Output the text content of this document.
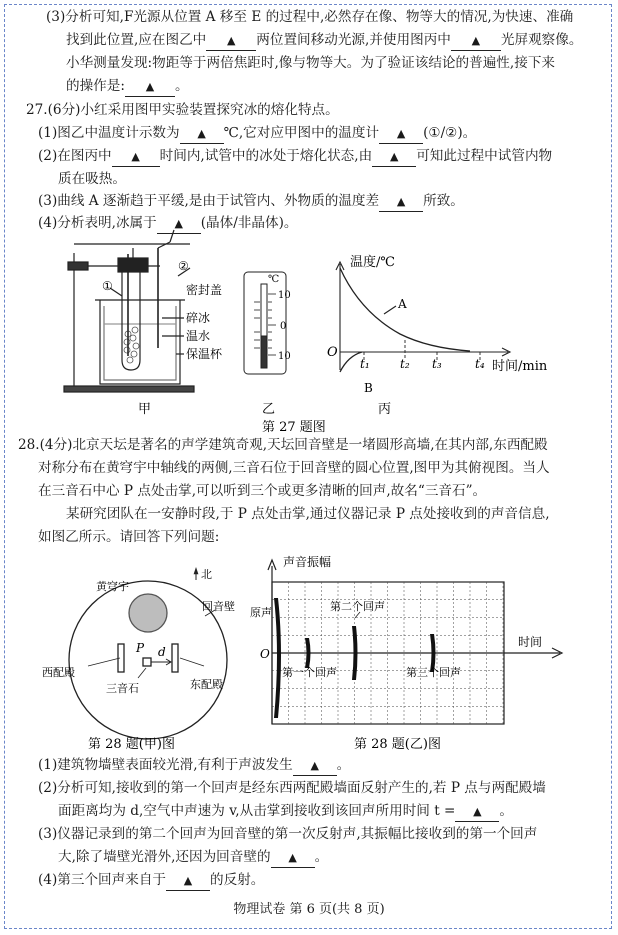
(3)分析可知,F光源从位置 A 移至 E 的过程中,必然存在像、物等大的情况,为快速、准确
找到此位置,应在图乙中 ▲ 两位置间移动光源,并使用图丙中 ▲ 光屏观察像。
小华测量发现:物距等于两倍焦距时,像与物等大。为了验证该结论的普遍性,接下来
的操作是: ▲ 。
27.(6分)小红采用图甲实验装置探究冰的熔化特点。
(1)图乙中温度计示数为 ▲ ℃,它对应甲图中的温度计 ▲ (①/②)。
(2)在图丙中 ▲ 时间内,试管中的冰处于熔化状态,由 ▲ 可知此过程中试管内物
质在吸热。
(3)曲线 A 逐渐趋于平缓,是由于试管内、外物质的温度差 ▲ 所致。
(4)分析表明,冰属于 ▲ (晶体/非晶体)。
①
②
密封盖
碎冰
温水
保温杯
甲
℃
10
0
10
乙
温度/℃
时间/min
O
A
B
t₁	t₂ t₃	t₄
丙
第 27 题图
28.(4分)北京天坛是著名的声学建筑奇观,天坛回音壁是一堵圆形高墙,在其内部,东西配殿
对称分布在黄穹宇中轴线的两侧,三音石位于回音壁的圆心位置,图甲为其俯视图。当人
在三音石中心 P 点处击掌,可以听到三个或更多清晰的回声,故名“三音石”。
某研究团队在一安静时段,于 P 点处击掌,通过仪器记录 P 点处接收到的声音信息,
如图乙所示。请回答下列问题:
北
黄穹宇
回音壁
西配殿
东配殿
三音石
P d
第 28 题(甲)图
声音振幅
时间
O
原声
第一个回声
第二个回声
第三个回声
第 28 题(乙)图
(1)建筑物墙壁表面较光滑,有利于声波发生 ▲ 。
(2)分析可知,接收到的第一个回声是经东西两配殿墙面反射产生的,若 P 点与两配殿墙
面距离均为 d,空气中声速为 v,从击掌到接收到该回声所用时间 t = ▲ 。
(3)仪器记录到的第二个回声为回音壁的第一次反射声,其振幅比接收到的第一个回声
大,除了墙壁光滑外,还因为回音壁的 ▲ 。
(4)第三个回声来自于 ▲ 的反射。
物理试卷 第 6 页(共 8 页)
